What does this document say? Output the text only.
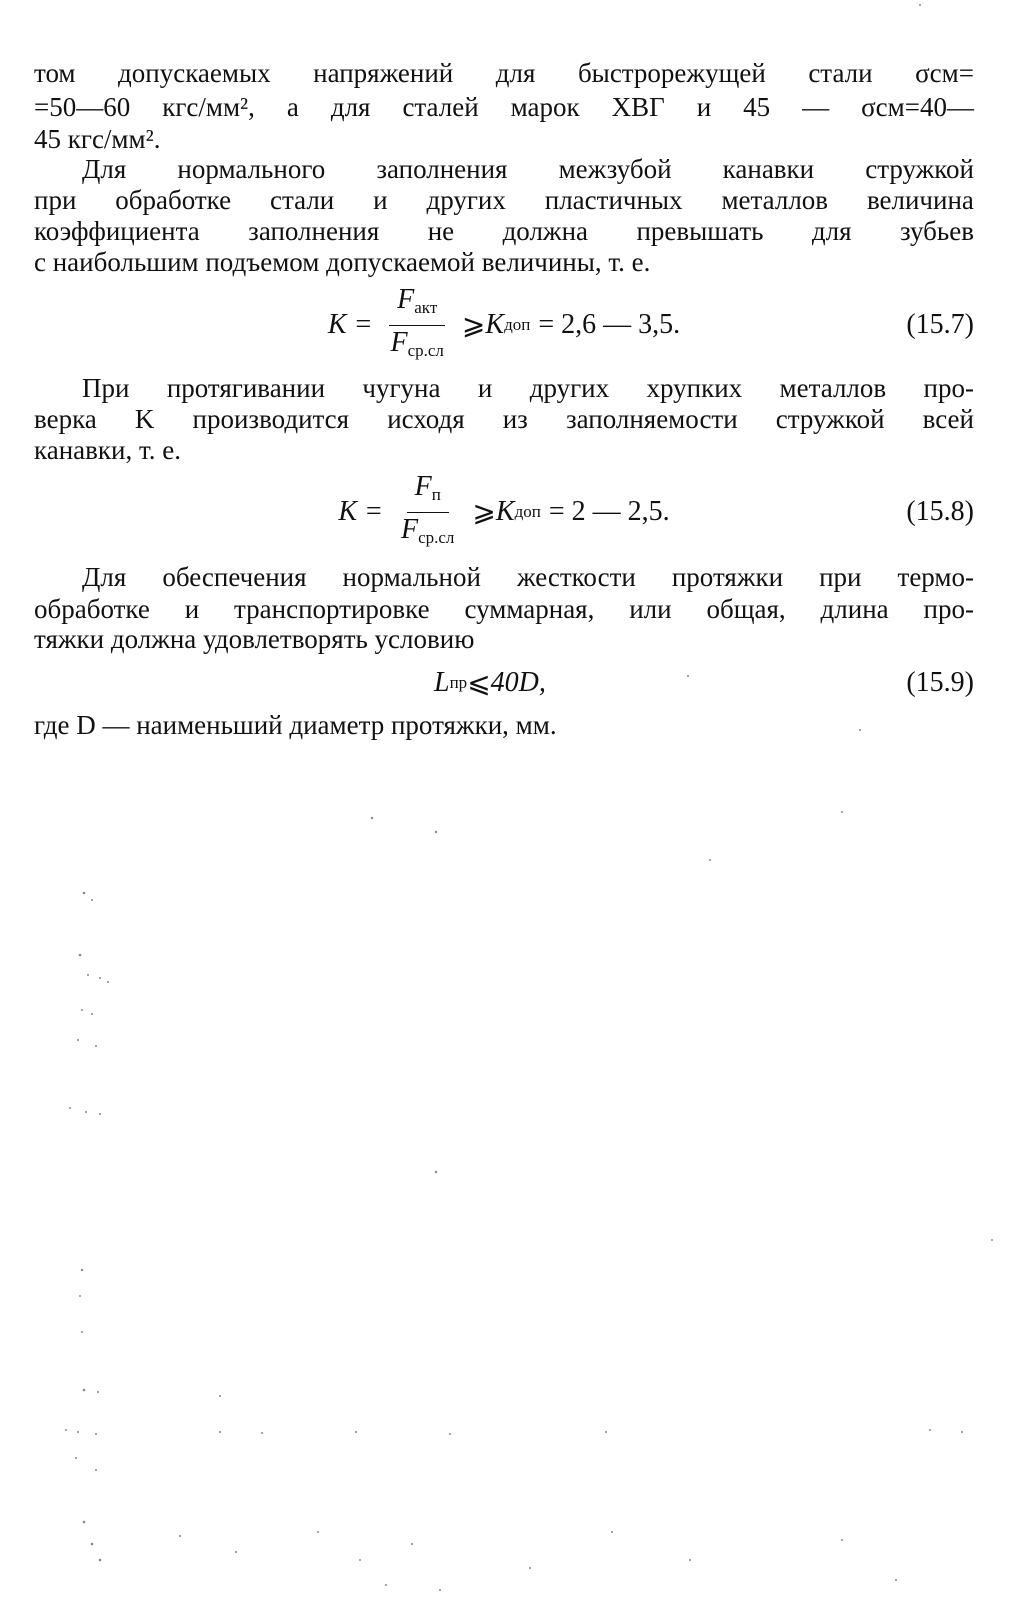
том допускаемых напряжений для быстрорежущей стали σсм=
=50—60 кгс/мм², а для сталей марок ХВГ и 45 — σсм=40—
45 кгс/мм².
Для нормального заполнения межзубой канавки стружкой
при обработке стали и других пластичных металлов величина
коэффициента заполнения не должна превышать для зубьев
с наибольшим подъемом допускаемой величины, т. е.
$K = \frac{F_{акт}}{F_{ср.сл}}$ ⩾ K доп = 2,6 — 3,5.	(15.7)
При протягивании чугуна и других хрупких металлов про-
верка K производится исходя из заполняемости стружкой всей
канавки, т. е.
$K = \frac{F_п}{F_{ср.сл}}$ ⩾ K доп = 2 — 2,5.	(15.8)
Для обеспечения нормальной жесткости протяжки при термо-
обработке и транспортировке суммарная, или общая, длина про-
тяжки должна удовлетворять условию
L пр ⩽ 40D,	(15.9)
где D — наименьший диаметр протяжки, мм.
